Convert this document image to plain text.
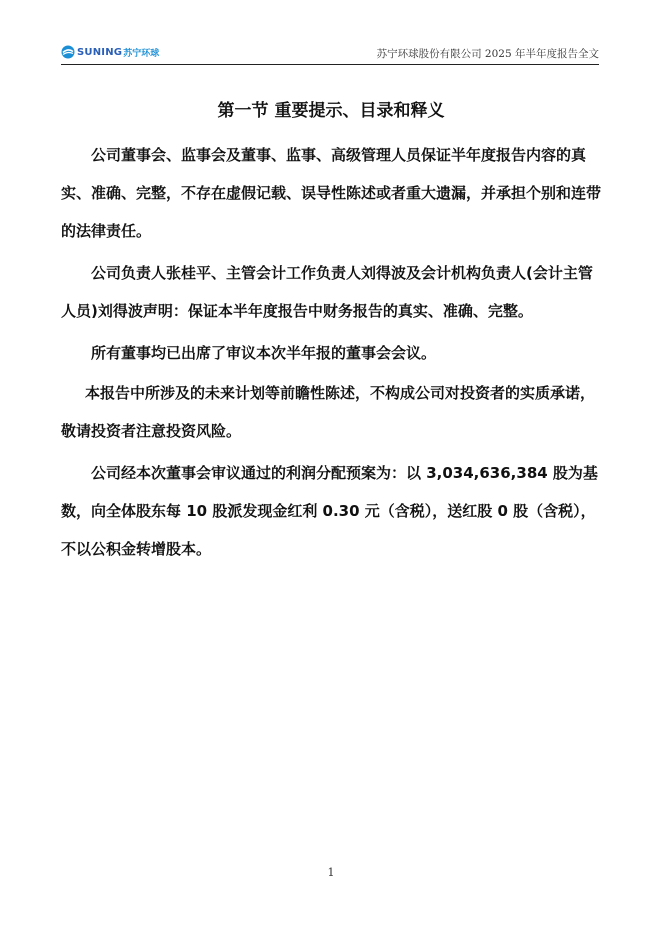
SUNING 苏宁环球	苏宁环球股份有限公司 2025 年半年度报告全文
第一节 重要提示、目录和释义

公司董事会、监事会及董事、监事、高级管理人员保证半年度报告内容的真实、准确、完整，不存在虚假记载、误导性陈述或者重大遗漏，并承担个别和连带的法律责任。

公司负责人张桂平、主管会计工作负责人刘得波及会计机构负责人(会计主管人员)刘得波声明：保证本半年度报告中财务报告的真实、准确、完整。

所有董事均已出席了审议本次半年报的董事会会议。

本报告中所涉及的未来计划等前瞻性陈述，不构成公司对投资者的实质承诺，敬请投资者注意投资风险。

公司经本次董事会审议通过的利润分配预案为：以 3,034,636,384 股为基数，向全体股东每 10 股派发现金红利 0.30 元（含税），送红股 0 股（含税），不以公积金转增股本。

1
